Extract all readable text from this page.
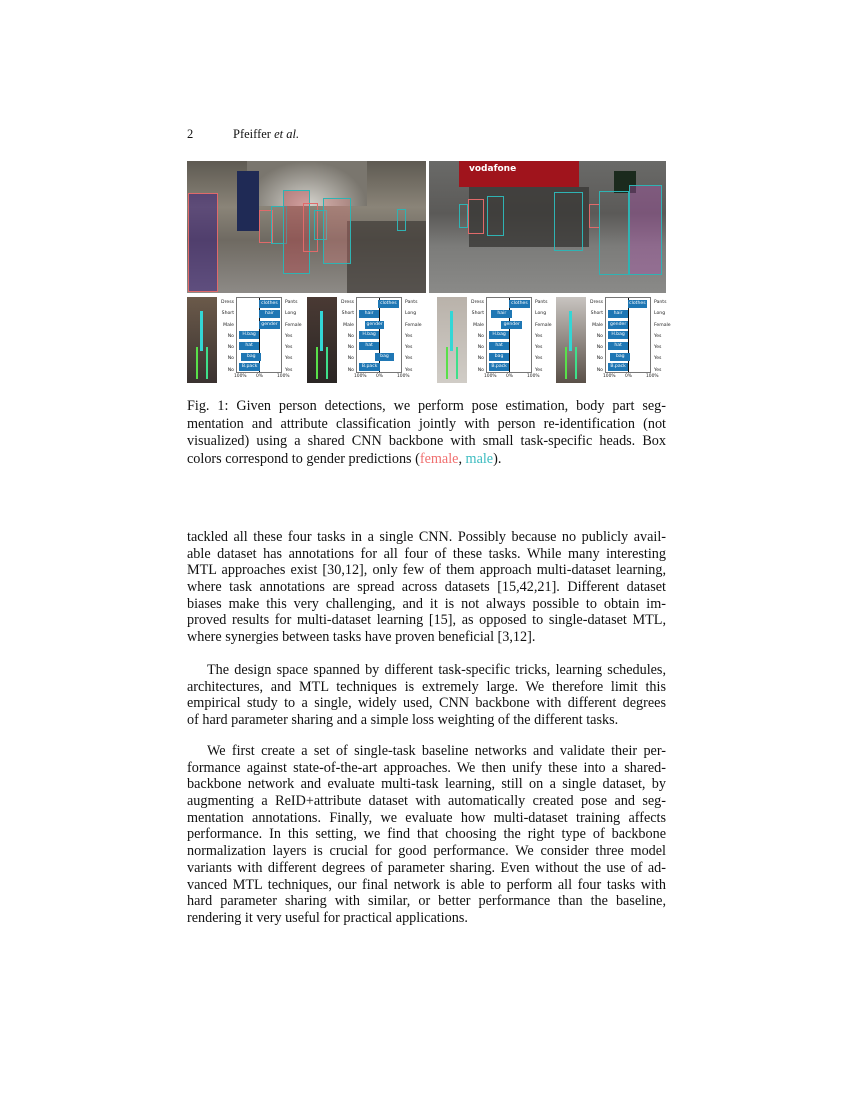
2	Pfeiffer et al.
vodafone
Dress
Short
Male
No
No
No
No
Pants
Long
Female
Yes
Yes
Yes
Yes
clothes
hair
gender
H.bag
hat
bag
B.pack
100% 0%	100%
Dress
Short
Male
No
No
No
No
Pants
Long
Female
Yes
Yes
Yes
Yes
clothes
hair
gender
H.bag
hat
bag
B.pack
100% 0%	100%
Dress
Short
Male
No
No
No
No
Pants
Long
Female
Yes
Yes
Yes
Yes
clothes
hair
gender
H.bag
hat
bag
B.pack
100% 0%	100%
Dress
Short
Male
No
No
No
No
Pants
Long
Female
Yes
Yes
Yes
Yes
clothes
hair
gender
H.bag
hat
bag
B.pack
100% 0%	100%
Fig. 1: Given person detections, we perform pose estimation, body part seg-
mentation and attribute classification jointly with person re-identification (not
visualized) using a shared CNN backbone with small task-specific heads. Box
colors correspond to gender predictions (female, male).
tackled all these four tasks in a single CNN. Possibly because no publicly avail-
able dataset has annotations for all four of these tasks. While many interesting
MTL approaches exist [30,12], only few of them approach multi-dataset learning,
where task annotations are spread across datasets [15,42,21]. Different dataset
biases make this very challenging, and it is not always possible to obtain im-
proved results for multi-dataset learning [15], as opposed to single-dataset MTL,
where synergies between tasks have proven beneficial [3,12].
The design space spanned by different task-specific tricks, learning schedules,
architectures, and MTL techniques is extremely large. We therefore limit this
empirical study to a single, widely used, CNN backbone with different degrees
of hard parameter sharing and a simple loss weighting of the different tasks.
We first create a set of single-task baseline networks and validate their per-
formance against state-of-the-art approaches. We then unify these into a shared-
backbone network and evaluate multi-task learning, still on a single dataset, by
augmenting a ReID+attribute dataset with automatically created pose and seg-
mentation annotations. Finally, we evaluate how multi-dataset training affects
performance. In this setting, we find that choosing the right type of backbone
normalization layers is crucial for good performance. We consider three model
variants with different degrees of parameter sharing. Even without the use of ad-
vanced MTL techniques, our final network is able to perform all four tasks with
hard parameter sharing with similar, or better performance than the baseline,
rendering it very useful for practical applications.
